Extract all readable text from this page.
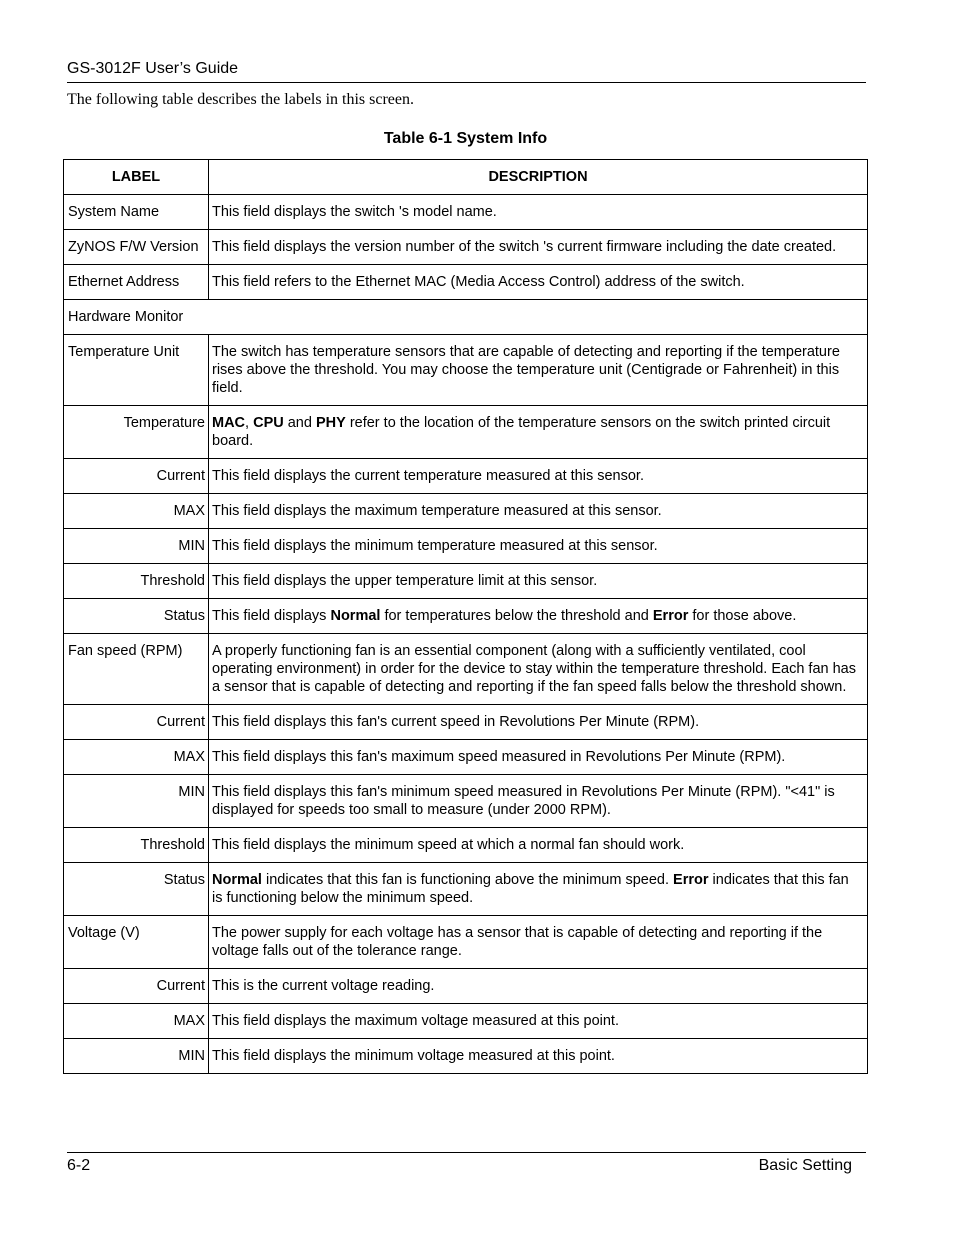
GS-3012F User’s Guide
The following table describes the labels in this screen.
Table 6-1 System Info
LABEL	DESCRIPTION
System Name	This field displays the switch 's model name.
ZyNOS F/W Version	This field displays the version number of the switch 's current firmware including the date created.
Ethernet Address	This field refers to the Ethernet MAC (Media Access Control) address of the switch.
Hardware Monitor	
Temperature Unit	The switch has temperature sensors that are capable of detecting and reporting if the temperature rises above the threshold. You may choose the temperature unit (Centigrade or Fahrenheit) in this field.
Temperature	MAC, CPU and PHY refer to the location of the temperature sensors on the switch printed circuit board.
Current	This field displays the current temperature measured at this sensor.
MAX	This field displays the maximum temperature measured at this sensor.
MIN	This field displays the minimum temperature measured at this sensor.
Threshold	This field displays the upper temperature limit at this sensor.
Status	This field displays Normal for temperatures below the threshold and Error for those above.
Fan speed (RPM)	A properly functioning fan is an essential component (along with a sufficiently ventilated, cool operating environment) in order for the device to stay within the temperature threshold. Each fan has a sensor that is capable of detecting and reporting if the fan speed falls below the threshold shown.
Current	This field displays this fan's current speed in Revolutions Per Minute (RPM).
MAX	This field displays this fan's maximum speed measured in Revolutions Per Minute (RPM).
MIN	This field displays this fan's minimum speed measured in Revolutions Per Minute (RPM). "<41" is displayed for speeds too small to measure (under 2000 RPM).
Threshold	This field displays the minimum speed at which a normal fan should work.
Status	Normal indicates that this fan is functioning above the minimum speed. Error indicates that this fan is functioning below the minimum speed.
Voltage (V)	The power supply for each voltage has a sensor that is capable of detecting and reporting if the voltage falls out of the tolerance range.
Current	This is the current voltage reading.
MAX	This field displays the maximum voltage measured at this point.
MIN	This field displays the minimum voltage measured at this point.
6-2	Basic Setting
